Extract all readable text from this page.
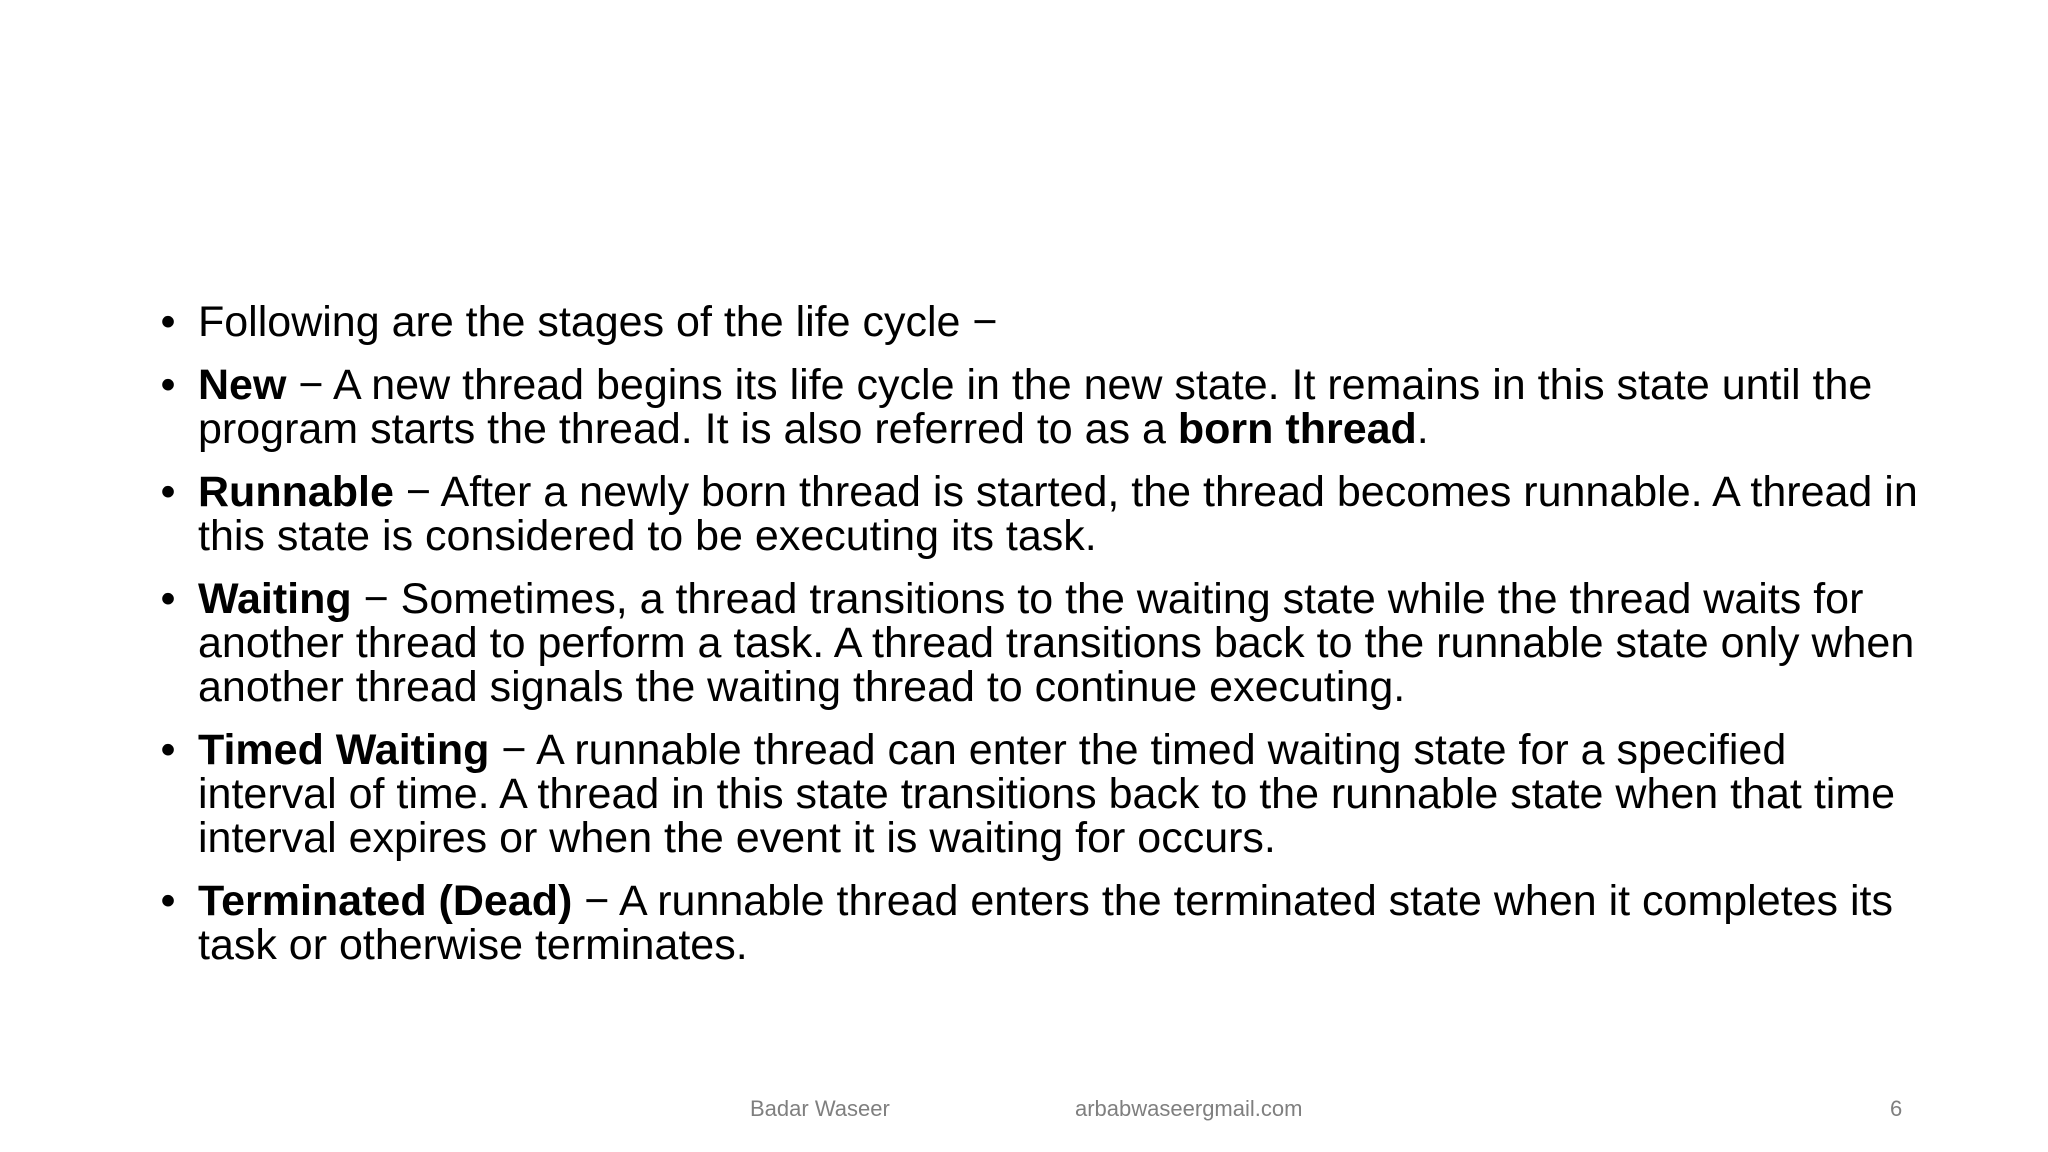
• Following are the stages of the life cycle −
• New − A new thread begins its life cycle in the new state. It remains in this state until the program starts the thread. It is also referred to as a born thread.
• Runnable − After a newly born thread is started, the thread becomes runnable. A thread in this state is considered to be executing its task.
• Waiting − Sometimes, a thread transitions to the waiting state while the thread waits for another thread to perform a task. A thread transitions back to the runnable state only when another thread signals the waiting thread to continue executing.
• Timed Waiting − A runnable thread can enter the timed waiting state for a specified interval of time. A thread in this state transitions back to the runnable state when that time interval expires or when the event it is waiting for occurs.
• Terminated (Dead) − A runnable thread enters the terminated state when it completes its task or otherwise terminates.
Badar Waseer	arbabwaseergmail.com	6
